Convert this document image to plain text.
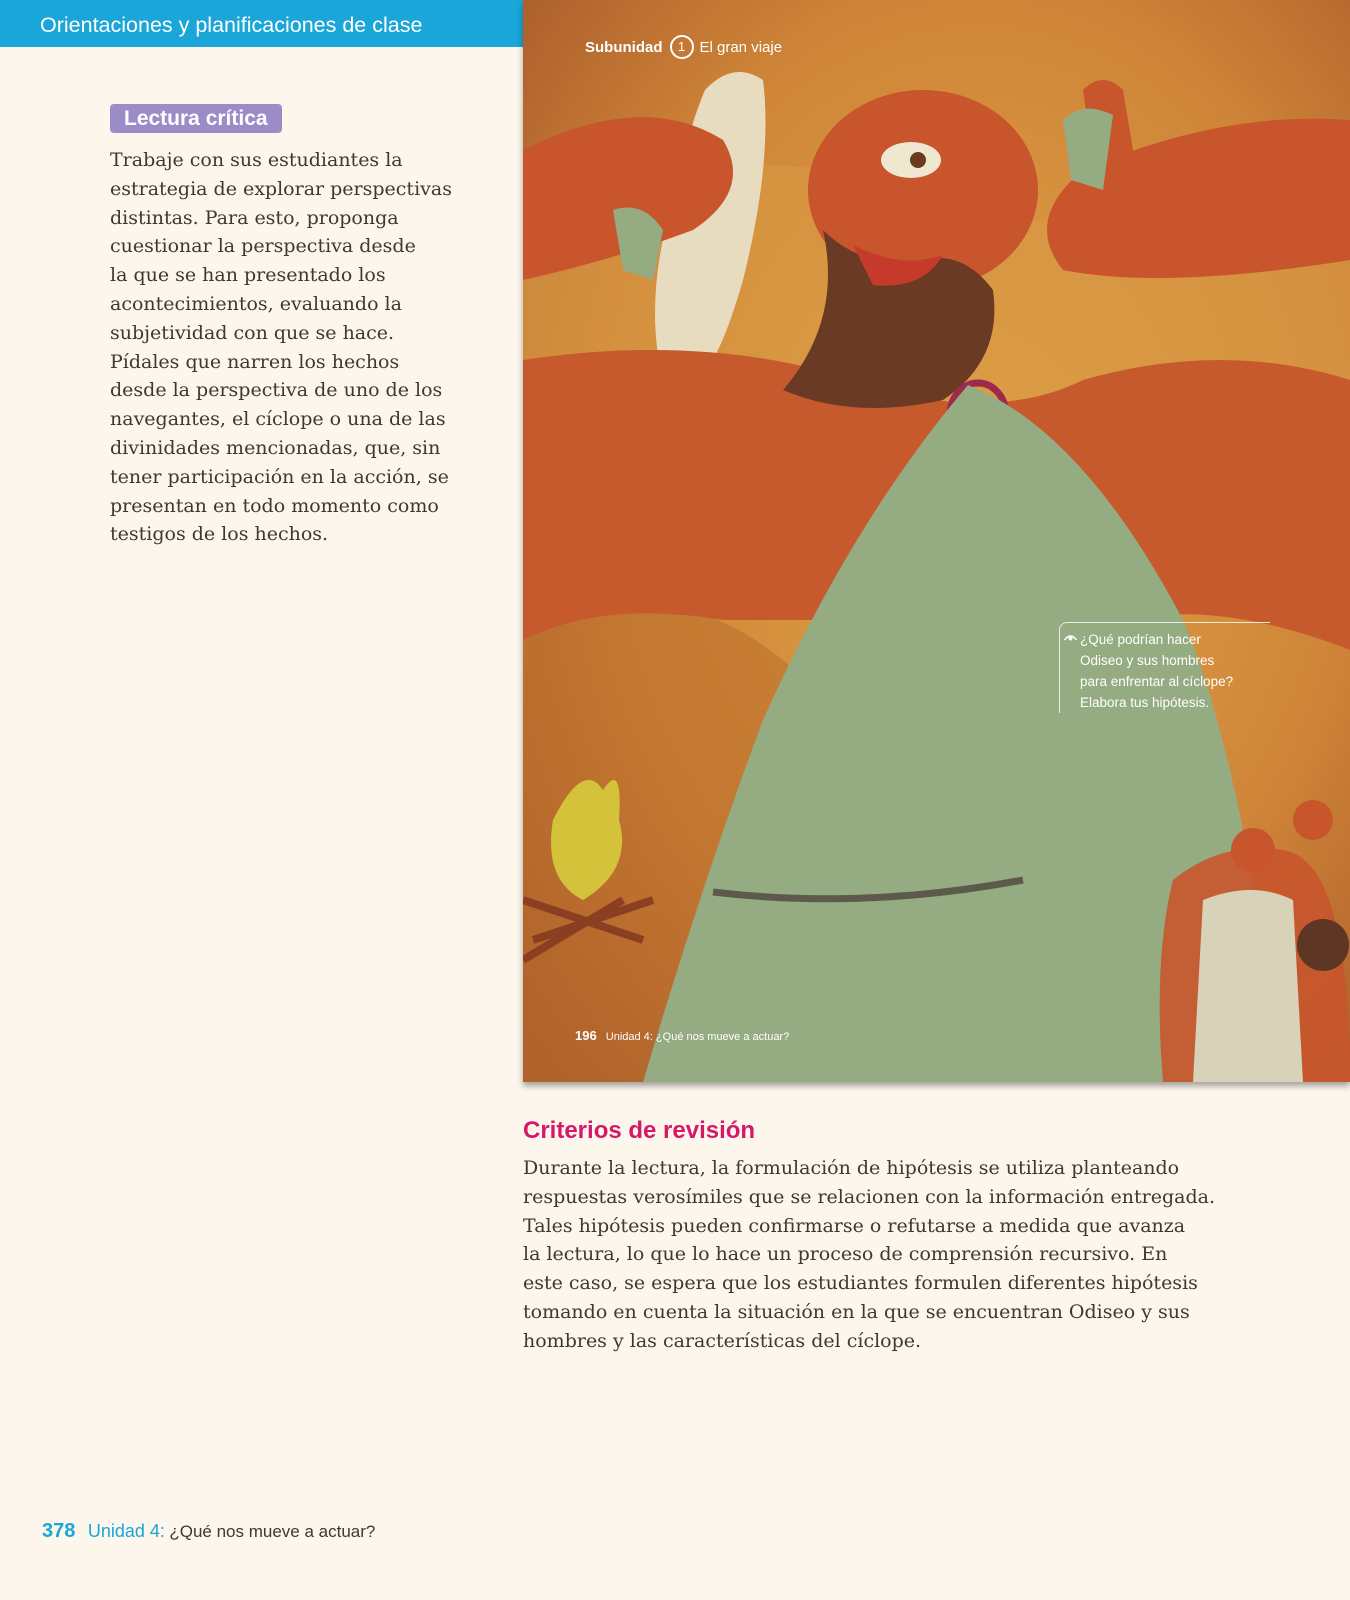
Orientaciones y planificaciones de clase
Lectura crítica

Trabaje con sus estudiantes la

estrategia de explorar perspectivas

distintas. Para esto, proponga

cuestionar la perspectiva desde

la que se han presentado los

acontecimientos, evaluando la

subjetividad con que se hace.

Pídales que narren los hechos

desde la perspectiva de uno de los

navegantes, el cíclope o una de las

divinidades mencionadas, que, sin

tener participación en la acción, se

presentan en todo momento como

testigos de los hechos.

Subunidad	1 El gran viaje

¿Qué podrían hacer

Odiseo y sus hombres

para enfrentar al cíclope?

Elabora tus hipótesis.

196 Unidad 4: ¿Qué nos mueve a actuar?
Criterios de revisión

Durante la lectura, la formulación de hipótesis se utiliza planteando

respuestas verosímiles que se relacionen con la información entregada.

Tales hipótesis pueden confirmarse o refutarse a medida que avanza

la lectura, lo que lo hace un proceso de comprensión recursivo. En

este caso, se espera que los estudiantes formulen diferentes hipótesis

tomando en cuenta la situación en la que se encuentran Odiseo y sus

hombres y las características del cíclope.

378 Unidad 4: ¿Qué nos mueve a actuar?
